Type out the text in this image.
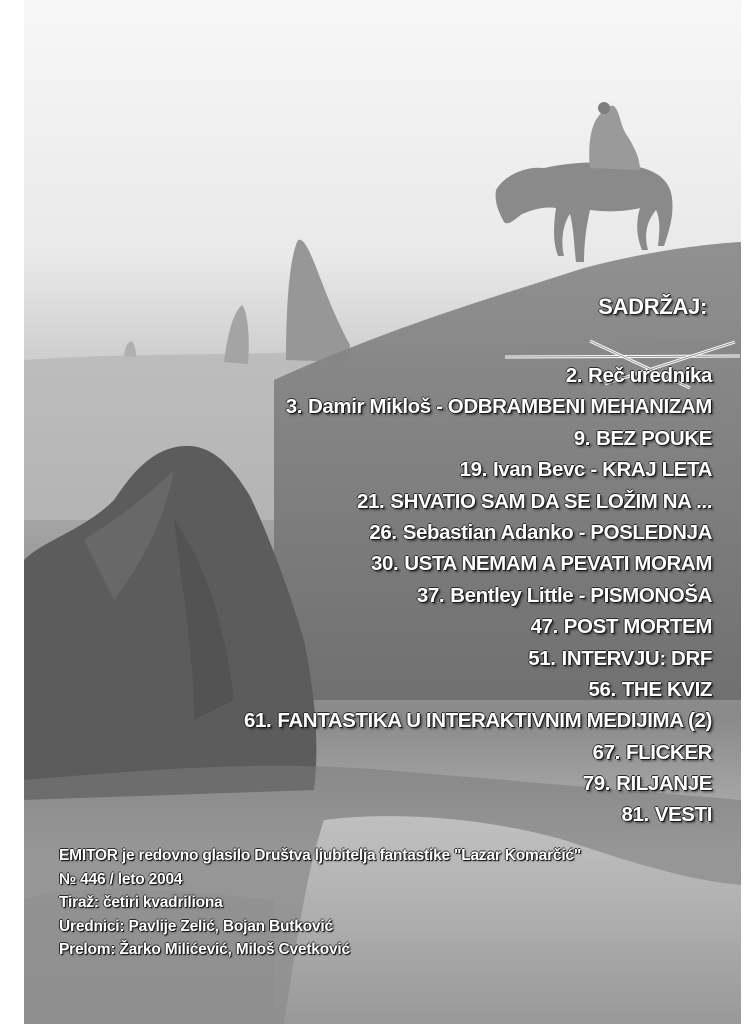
SADRŽAJ:
2. Reč urednika
3. Damir Mikloš - ODBRAMBENI MEHANIZAM
9. BEZ POUKE
19. Ivan Bevc - KRAJ LETA
21. SHVATIO SAM DA SE LOŽIM NA ...
26. Sebastian Adanko - POSLEDNJA
30. USTA NEMAM A PEVATI MORAM
37. Bentley Little - PISMONOŠA
47. POST MORTEM
51. INTERVJU: DRF
56. THE KVIZ
61. FANTASTIKA U INTERAKTIVNIM MEDIJIMA (2)
67. FLICKER
79. RILJANJE
81. VESTI
EMITOR je redovno glasilo Društva ljubitelja fantastike "Lazar Komarčić"
№ 446 / leto 2004
Tiraž: četiri kvadriliona
Urednici: Pavlije Zelić, Bojan Butković
Prelom: Žarko Milićević, Miloš Cvetković
